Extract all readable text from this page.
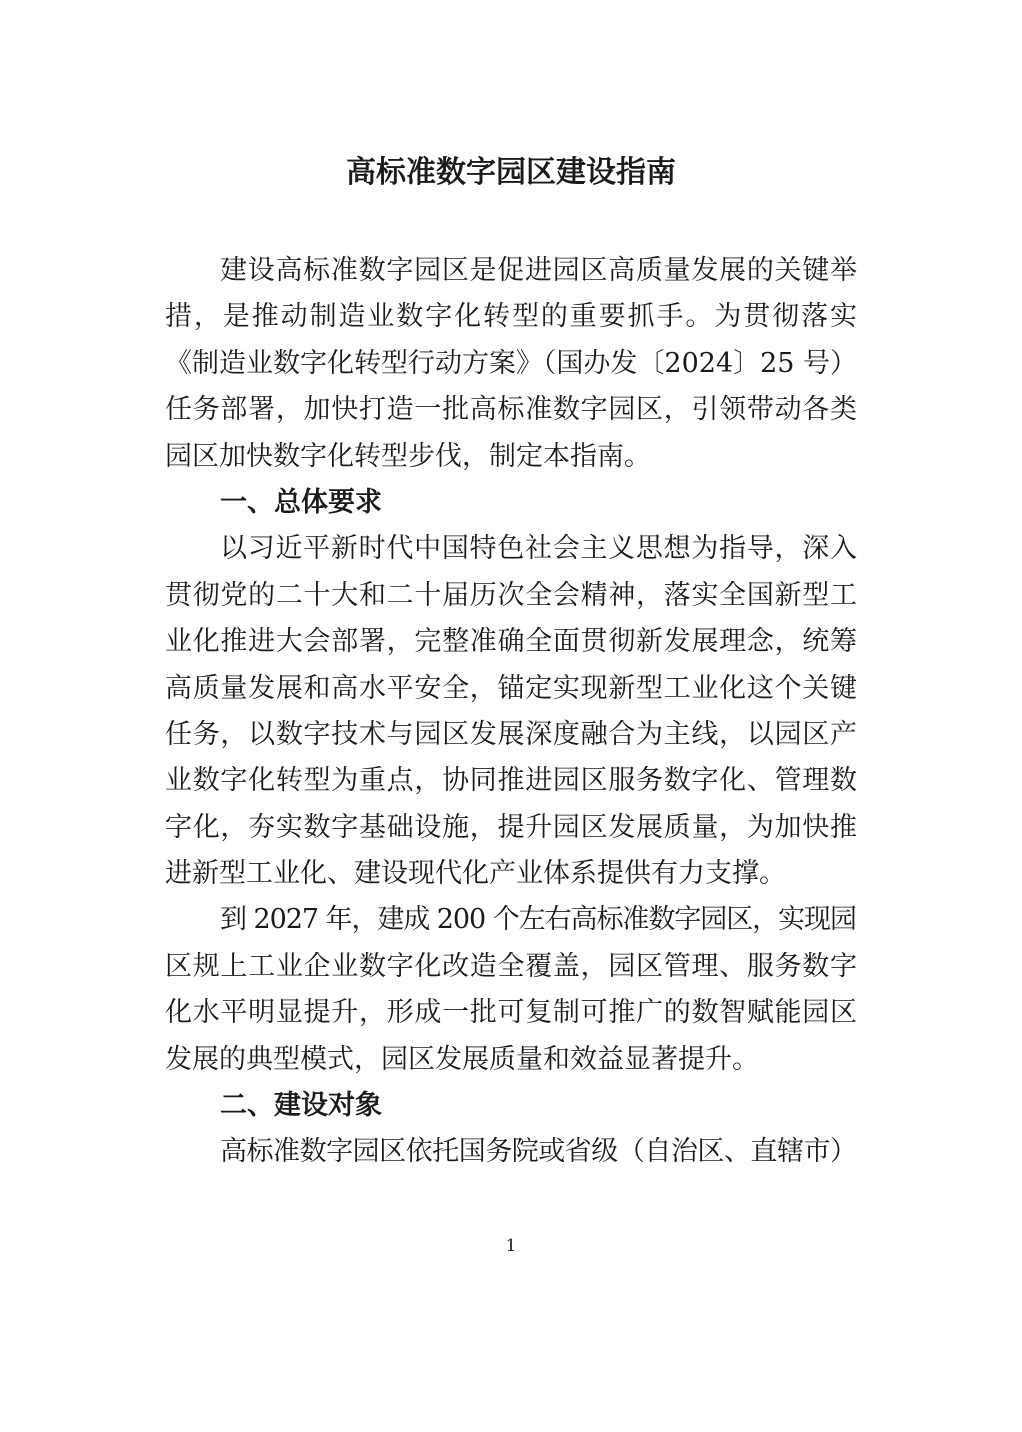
高标准数字园区建设指南
建设高标准数字园区是促进园区高质量发展的关键举
措，是推动制造业数字化转型的重要抓手。为贯彻落实
《制造业数字化转型行动方案》（国办发〔2024〕25 号）
任务部署，加快打造一批高标准数字园区，引领带动各类
园区加快数字化转型步伐，制定本指南。
一、总体要求
以习近平新时代中国特色社会主义思想为指导，深入
贯彻党的二十大和二十届历次全会精神，落实全国新型工
业化推进大会部署，完整准确全面贯彻新发展理念，统筹
高质量发展和高水平安全，锚定实现新型工业化这个关键
任务，以数字技术与园区发展深度融合为主线，以园区产
业数字化转型为重点，协同推进园区服务数字化、管理数
字化，夯实数字基础设施，提升园区发展质量，为加快推
进新型工业化、建设现代化产业体系提供有力支撑。
到 2027 年，建成 200 个左右高标准数字园区，实现园
区规上工业企业数字化改造全覆盖，园区管理、服务数字
化水平明显提升，形成一批可复制可推广的数智赋能园区
发展的典型模式，园区发展质量和效益显著提升。
二、建设对象
高标准数字园区依托国务院或省级（自治区、直辖市）
1
